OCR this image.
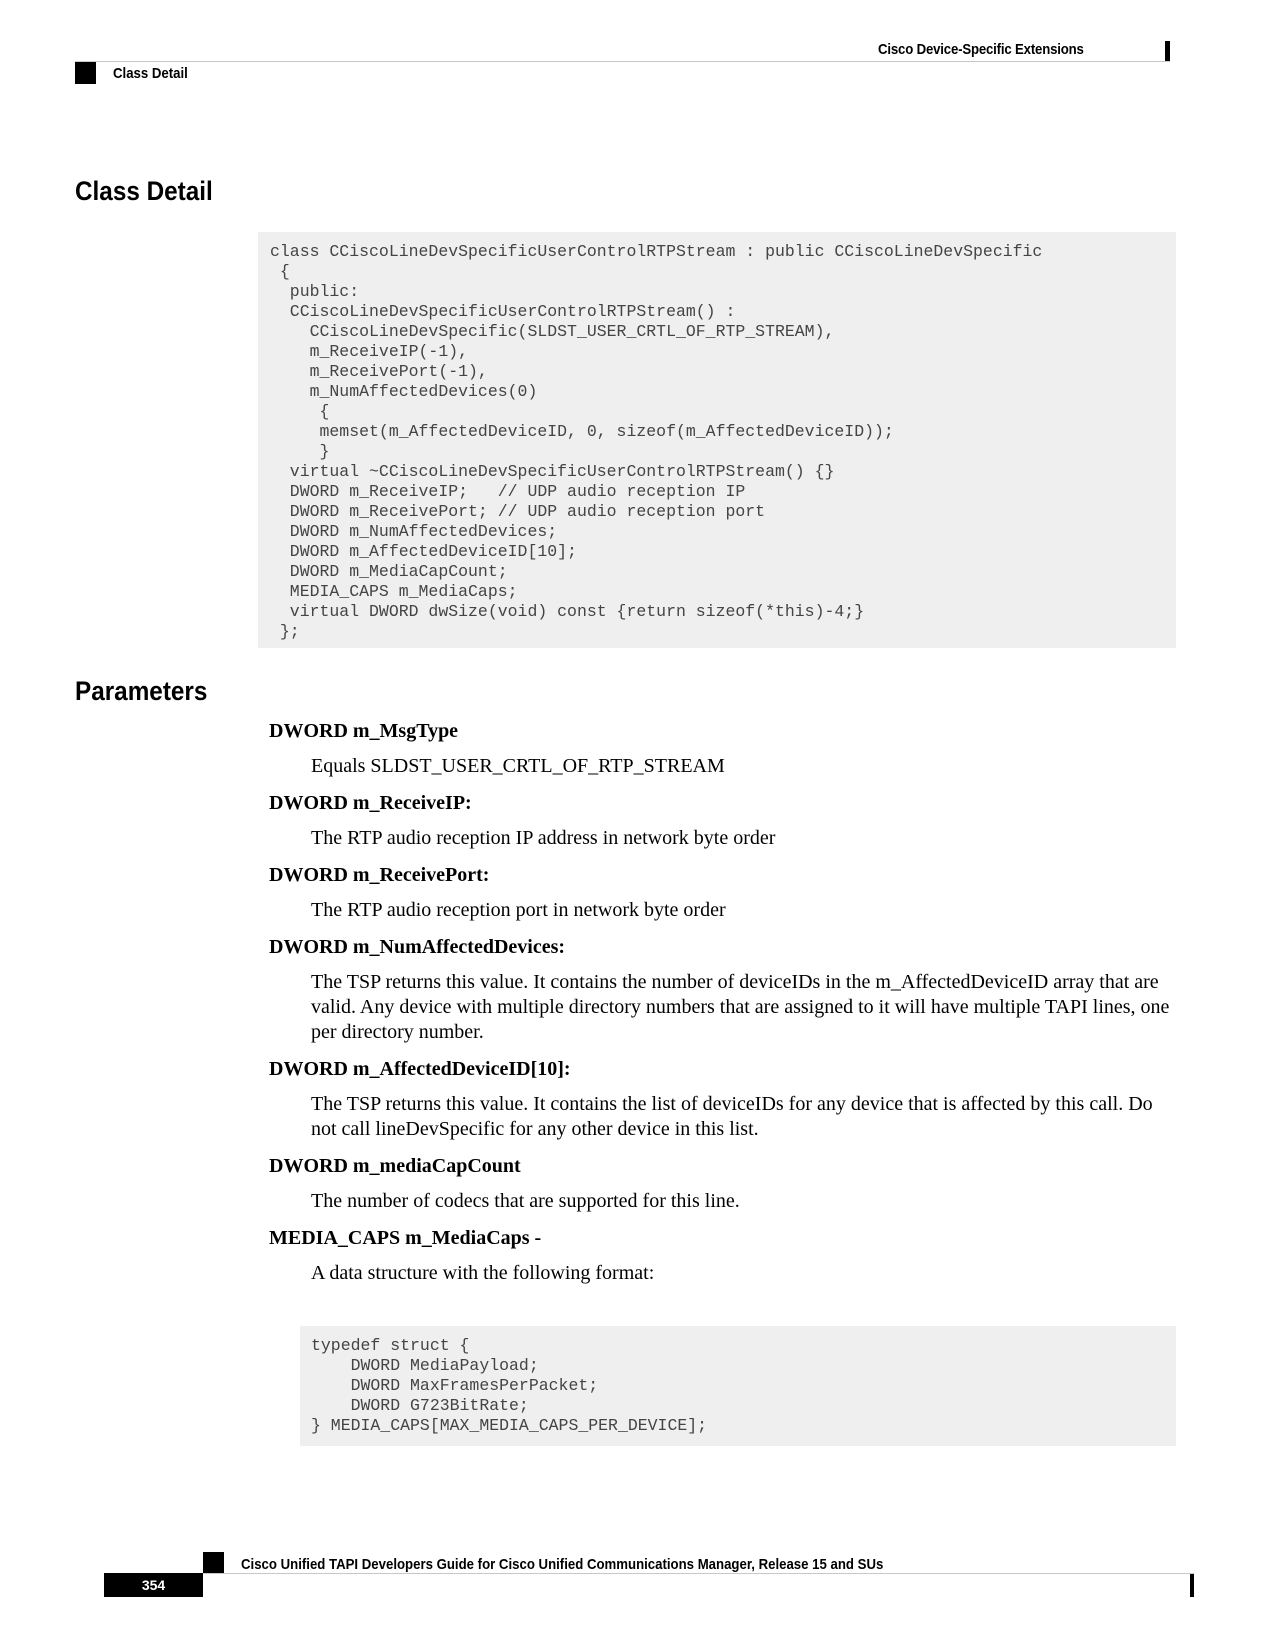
Cisco Device-Specific Extensions
Class Detail
Class Detail
class CCiscoLineDevSpecificUserControlRTPStream : public CCiscoLineDevSpecific
{
public:
CCiscoLineDevSpecificUserControlRTPStream() :
CCiscoLineDevSpecific(SLDST_USER_CRTL_OF_RTP_STREAM),
m_ReceiveIP(-1),
m_ReceivePort(-1),
m_NumAffectedDevices(0)
{
memset(m_AffectedDeviceID, 0, sizeof(m_AffectedDeviceID));
}
virtual ~CCiscoLineDevSpecificUserControlRTPStream() {}
DWORD m_ReceiveIP;   // UDP audio reception IP
DWORD m_ReceivePort; // UDP audio reception port
DWORD m_NumAffectedDevices;
DWORD m_AffectedDeviceID[10];
DWORD m_MediaCapCount;
MEDIA_CAPS m_MediaCaps;
virtual DWORD dwSize(void) const {return sizeof(*this)-4;}
};
Parameters

DWORD m_MsgType

Equals SLDST_USER_CRTL_OF_RTP_STREAM

DWORD m_ReceiveIP:

The RTP audio reception IP address in network byte order

DWORD m_ReceivePort:

The RTP audio reception port in network byte order

DWORD m_NumAffectedDevices:

The TSP returns this value. It contains the number of deviceIDs in the m_AffectedDeviceID array that are valid. Any device with multiple directory numbers that are assigned to it will have multiple TAPI lines, one per directory number.

DWORD m_AffectedDeviceID[10]:

The TSP returns this value. It contains the list of deviceIDs for any device that is affected by this call. Do not call lineDevSpecific for any other device in this list.

DWORD m_mediaCapCount

The number of codecs that are supported for this line.

MEDIA_CAPS m_MediaCaps -

A data structure with the following format:

typedef struct {
DWORD MediaPayload;
DWORD MaxFramesPerPacket;
DWORD G723BitRate;
} MEDIA_CAPS[MAX_MEDIA_CAPS_PER_DEVICE];
Cisco Unified TAPI Developers Guide for Cisco Unified Communications Manager, Release 15 and SUs
354
